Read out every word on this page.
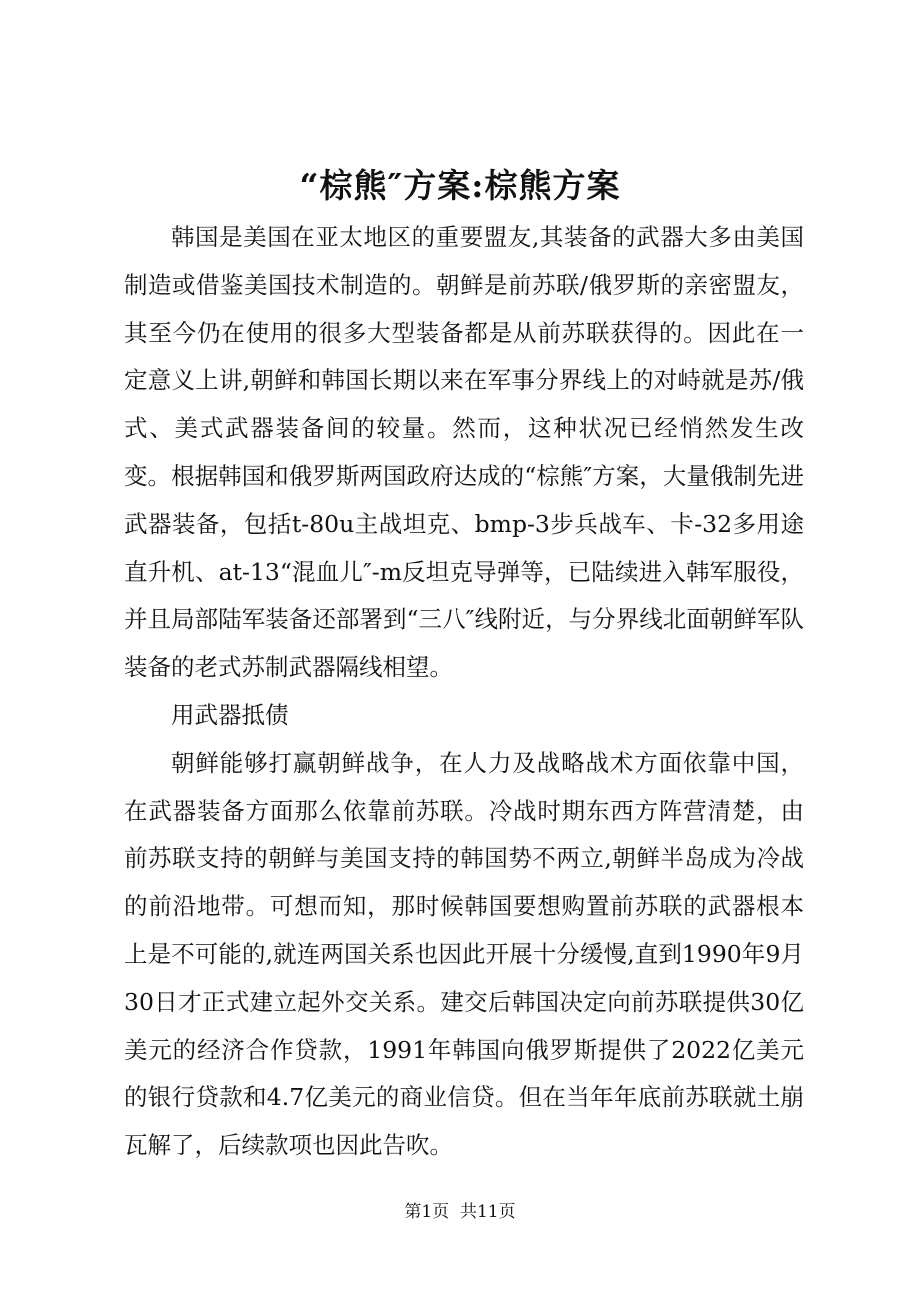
“棕熊″方案:棕熊方案

韩国是美国在亚太地区的重要盟友,其装备的武器大多由美国制造或借鉴美国技术制造的。朝鲜是前苏联/俄罗斯的亲密盟友，其至今仍在使用的很多大型装备都是从前苏联获得的。因此在一定意义上讲,朝鲜和韩国长期以来在军事分界线上的对峙就是苏/俄式、美式武器装备间的较量。然而，这种状况已经悄然发生改变。根据韩国和俄罗斯两国政府达成的“棕熊″方案，大量俄制先进武器装备，包括t-80u主战坦克、bmp-3步兵战车、卡-32多用途直升机、at-13“混血儿″-m反坦克导弹等，已陆续进入韩军服役，并且局部陆军装备还部署到“三八″线附近，与分界线北面朝鲜军队装备的老式苏制武器隔线相望。

用武器抵债

朝鲜能够打赢朝鲜战争，在人力及战略战术方面依靠中国，在武器装备方面那么依靠前苏联。冷战时期东西方阵营清楚，由前苏联支持的朝鲜与美国支持的韩国势不两立,朝鲜半岛成为冷战的前沿地带。可想而知，那时候韩国要想购置前苏联的武器根本上是不可能的,就连两国关系也因此开展十分缓慢,直到1990年9月30日才正式建立起外交关系。建交后韩国决定向前苏联提供30亿美元的经济合作贷款，1991年韩国向俄罗斯提供了2022亿美元的银行贷款和4.7亿美元的商业信贷。但在当年年底前苏联就土崩瓦解了，后续款项也因此告吹。

第1页  共11页
